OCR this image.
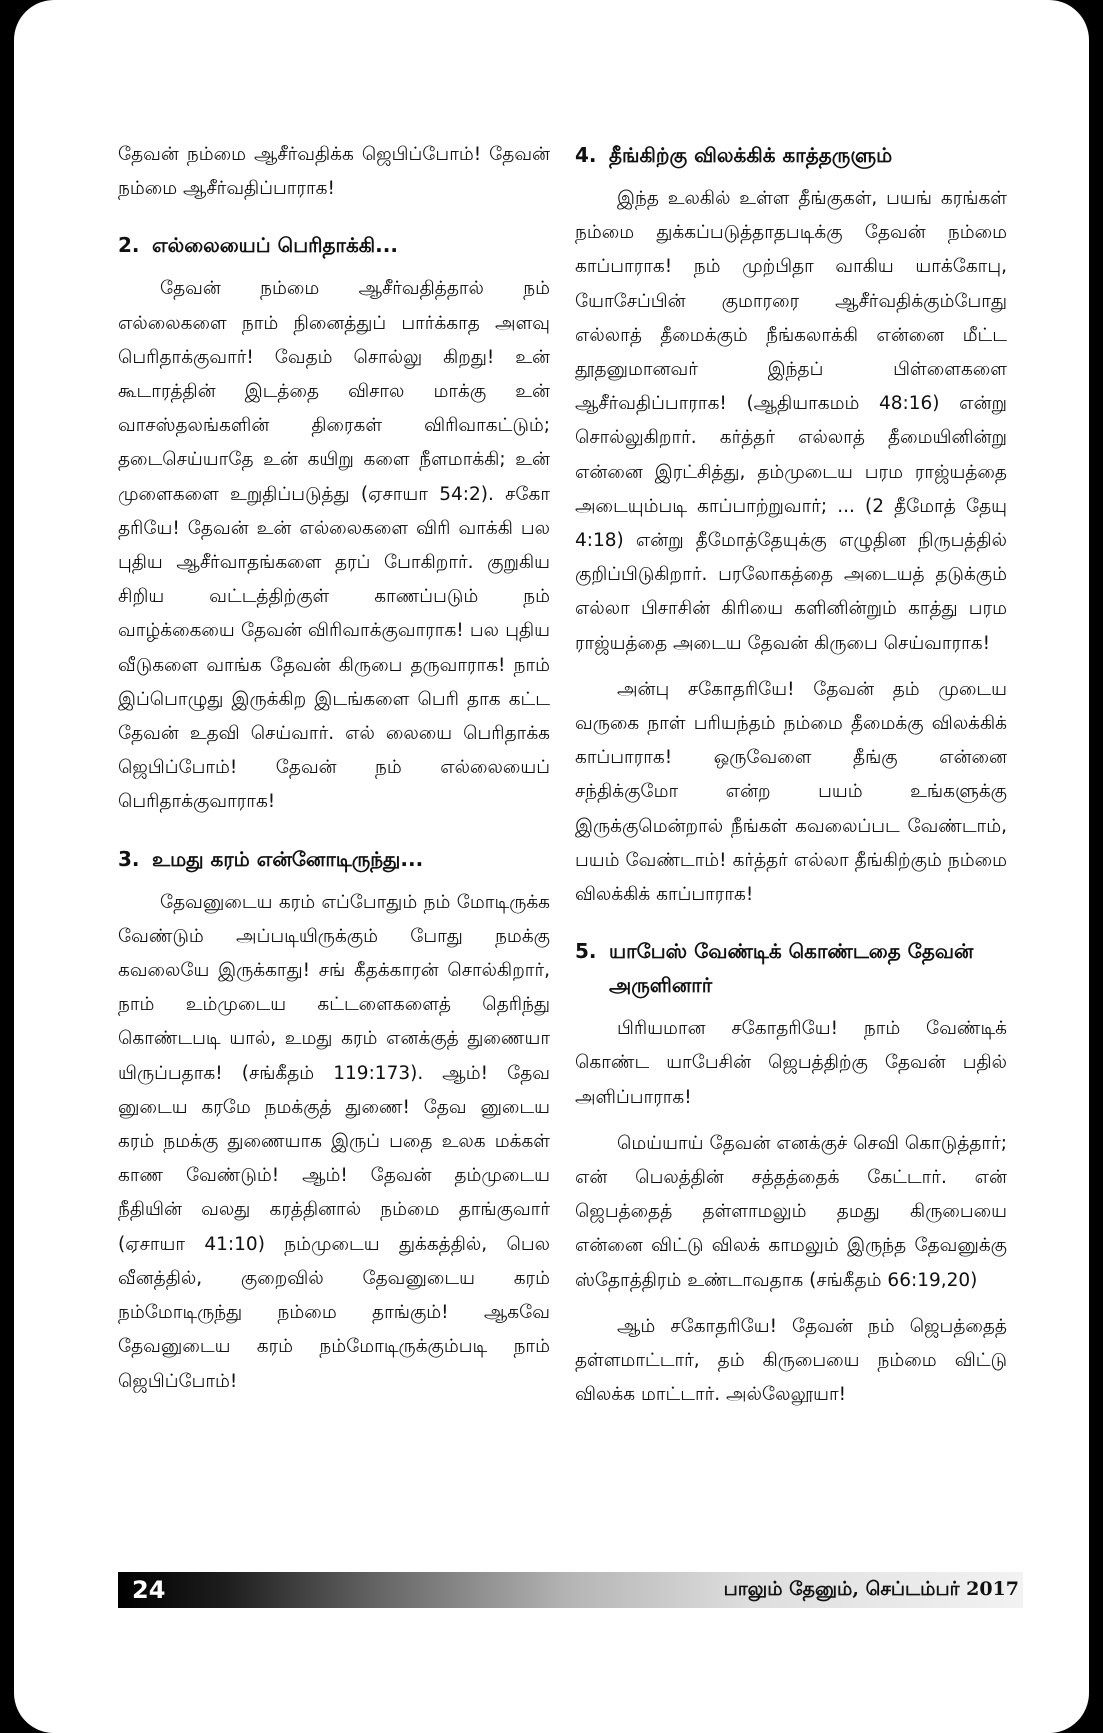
தேவன் நம்மை ஆசீர்வதிக்க ஜெபிப்போம்! தேவன் நம்மை ஆசீர்வதிப்பாராக!

2. எல்லையைப் பெரிதாக்கி...

தேவன் நம்மை ஆசீர்வதித்தால் நம் எல்லைகளை நாம் நினைத்துப் பார்க்காத அளவு பெரிதாக்குவார்! வேதம் சொல்லு கிறது! உன் கூடாரத்தின் இடத்தை விசால மாக்கு உன் வாசஸ்தலங்களின் திரைகள் விரிவாகட்டும்; தடைசெய்யாதே உன் கயிறு களை நீளமாக்கி; உன் முளைகளை உறுதிப்படுத்து (ஏசாயா 54:2). சகோ தரியே! தேவன் உன் எல்லைகளை விரி வாக்கி பல புதிய ஆசீர்வாதங்களை தரப் போகிறார். குறுகிய சிறிய வட்டத்திற்குள் காணப்படும் நம் வாழ்க்கையை தேவன் விரிவாக்குவாராக! பல புதிய வீடுகளை வாங்க தேவன் கிருபை தருவாராக! நாம் இப்பொழுது இருக்கிற இடங்களை பெரி தாக கட்ட தேவன் உதவி செய்வார். எல் லையை பெரிதாக்க ஜெபிப்போம்! தேவன் நம் எல்லையைப் பெரிதாக்குவாராக!

3. உமது கரம் என்னோடிருந்து...

தேவனுடைய கரம் எப்போதும் நம் மோடிருக்க வேண்டும் அப்படியிருக்கும் போது நமக்கு கவலையே இருக்காது! சங் கீதக்காரன் சொல்கிறார், நாம் உம்முடைய கட்டளைகளைத் தெரிந்து கொண்டபடி யால், உமது கரம் எனக்குத் துணையா யிருப்பதாக! (சங்கீதம் 119:173). ஆம்! தேவ னுடைய கரமே நமக்குத் துணை! தேவ னுடைய கரம் நமக்கு துணையாக இருப் பதை உலக மக்கள் காண வேண்டும்! ஆம்! தேவன் தம்முடைய நீதியின் வலது கரத்தினால் நம்மை தாங்குவார் (ஏசாயா 41:10) நம்முடைய துக்கத்தில், பெல வீனத்தில், குறைவில் தேவனுடைய கரம் நம்மோடிருந்து நம்மை தாங்கும்! ஆகவே தேவனுடைய கரம் நம்மோடிருக்கும்படி நாம் ஜெபிப்போம்!

4. தீங்கிற்கு விலக்கிக் காத்தருளும்

இந்த உலகில் உள்ள தீங்குகள், பயங் கரங்கள் நம்மை துக்கப்படுத்தாதபடிக்கு தேவன் நம்மை காப்பாராக! நம் முற்பிதா வாகிய யாக்கோபு, யோசேப்பின் குமாரரை ஆசீர்வதிக்கும்போது எல்லாத் தீமைக்கும் நீங்கலாக்கி என்னை மீட்ட தூதனுமானவர் இந்தப் பிள்ளைகளை ஆசீர்வதிப்பாராக! (ஆதியாகமம் 48:16) என்று சொல்லுகிறார். கர்த்தர் எல்லாத் தீமையினின்று என்னை இரட்சித்து, தம்முடைய பரம ராஜ்யத்தை அடையும்படி காப்பாற்றுவார்; ... (2 தீமோத் தேயு 4:18) என்று தீமோத்தேயுக்கு எழுதின நிருபத்தில் குறிப்பிடுகிறார். பரலோகத்தை அடையத் தடுக்கும் எல்லா பிசாசின் கிரியை களினின்றும் காத்து பரம ராஜ்யத்தை அடைய தேவன் கிருபை செய்வாராக!

அன்பு சகோதரியே! தேவன் தம் முடைய வருகை நாள் பரியந்தம் நம்மை தீமைக்கு விலக்கிக் காப்பாராக! ஒருவேளை தீங்கு என்னை சந்திக்குமோ என்ற பயம் உங்களுக்கு இருக்குமென்றால் நீங்கள் கவலைப்பட வேண்டாம், பயம் வேண்டாம்! கர்த்தர் எல்லா தீங்கிற்கும் நம்மை விலக்கிக் காப்பாராக!

5. யாபேஸ் வேண்டிக் கொண்டதை தேவன் அருளினார்

பிரியமான சகோதரியே! நாம் வேண்டிக் கொண்ட யாபேசின் ஜெபத்திற்கு தேவன் பதில் அளிப்பாராக!

மெய்யாய் தேவன் எனக்குச் செவி கொடுத்தார்; என் பெலத்தின் சத்தத்தைக் கேட்டார். என் ஜெபத்தைத் தள்ளாமலும் தமது கிருபையை என்னை விட்டு விலக் காமலும் இருந்த தேவனுக்கு ஸ்தோத்திரம் உண்டாவதாக (சங்கீதம் 66:19,20)

ஆம் சகோதரியே! தேவன் நம் ஜெபத்தைத் தள்ளமாட்டார், தம் கிருபையை நம்மை விட்டு விலக்க மாட்டார். அல்லேலூயா!

24	பாலும் தேனும், செப்டம்பர் 2017
